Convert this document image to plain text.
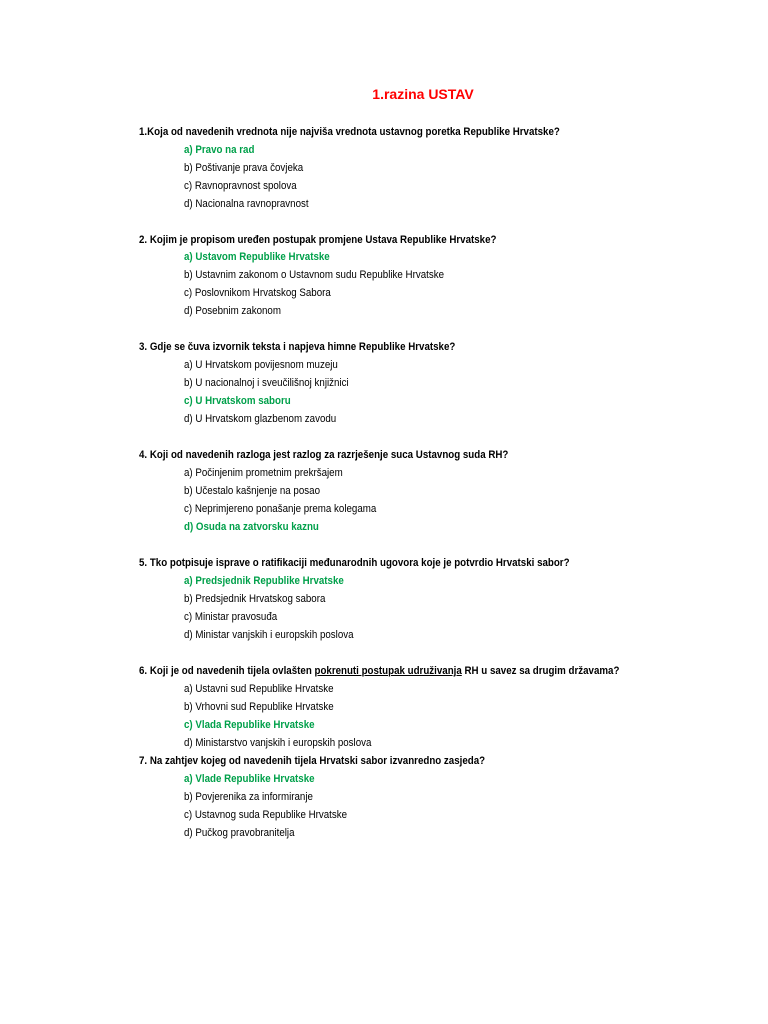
1.razina USTAV
1.Koja od navedenih vrednota nije najviša vrednota ustavnog poretka Republike Hrvatske?
a) Pravo na rad
b) Poštivanje prava čovjeka
c) Ravnopravnost spolova
d) Nacionalna ravnopravnost
2. Kojim je propisom uređen postupak promjene Ustava Republike Hrvatske?
a) Ustavom Republike Hrvatske
b) Ustavnim zakonom o Ustavnom sudu Republike Hrvatske
c) Poslovnikom Hrvatskog Sabora
d) Posebnim zakonom
3. Gdje se čuva izvornik teksta i napjeva himne Republike Hrvatske?
a) U Hrvatskom povijesnom muzeju
b) U nacionalnoj i sveučilišnoj knjižnici
c) U Hrvatskom saboru
d) U Hrvatskom glazbenom zavodu
4. Koji od navedenih razloga jest razlog za razrješenje suca Ustavnog suda RH?
a) Počinjenim prometnim prekršajem
b) Učestalo kašnjenje na posao
c) Neprimjereno ponašanje prema kolegama
d) Osuda na zatvorsku kaznu
5. Tko potpisuje isprave o ratifikaciji međunarodnih ugovora koje je potvrdio Hrvatski sabor?
a) Predsjednik Republike Hrvatske
b) Predsjednik Hrvatskog sabora
c) Ministar pravosuđa
d) Ministar vanjskih i europskih poslova
6. Koji je od navedenih tijela ovlašten pokrenuti postupak udruživanja RH u savez sa drugim državama?
a) Ustavni sud Republike Hrvatske
b) Vrhovni sud Republike Hrvatske
c) Vlada Republike Hrvatske
d) Ministarstvo vanjskih i europskih poslova
7. Na zahtjev kojeg od navedenih tijela Hrvatski sabor izvanredno zasjeda?
a) Vlade Republike Hrvatske
b) Povjerenika za informiranje
c) Ustavnog suda Republike Hrvatske
d) Pučkog pravobranitelja
